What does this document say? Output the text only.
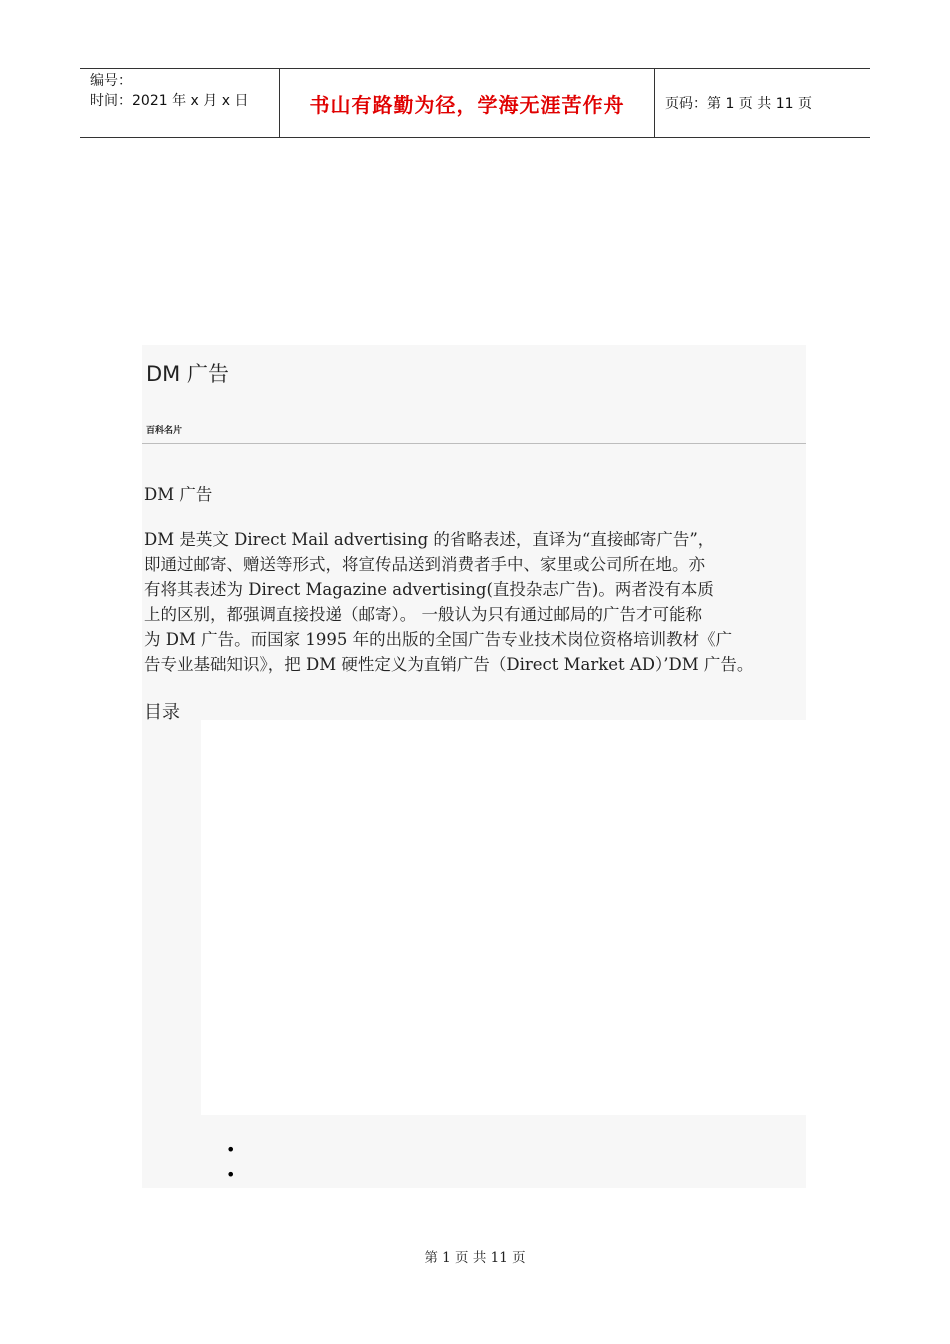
编号：
时间：2021 年 x 月 x 日	书山有路勤为径，学海无涯苦作舟	页码：第 1 页 共 11 页
DM 广告
百科名片
DM 广告
DM 是英文 Direct Mail advertising 的省略表述，直译为“直接邮寄广告”，
即通过邮寄、赠送等形式，将宣传品送到消费者手中、家里或公司所在地。亦
有将其表述为 Direct Magazine advertising(直投杂志广告)。两者没有本质
上的区别，都强调直接投递（邮寄）。 一般认为只有通过邮局的广告才可能称
为 DM 广告。而国家 1995 年的出版的全国广告专业技术岗位资格培训教材《广
告专业基础知识》，把 DM 硬性定义为直销广告（Direct Market AD）’DM 广告。
目录
第 1 页 共 11 页
